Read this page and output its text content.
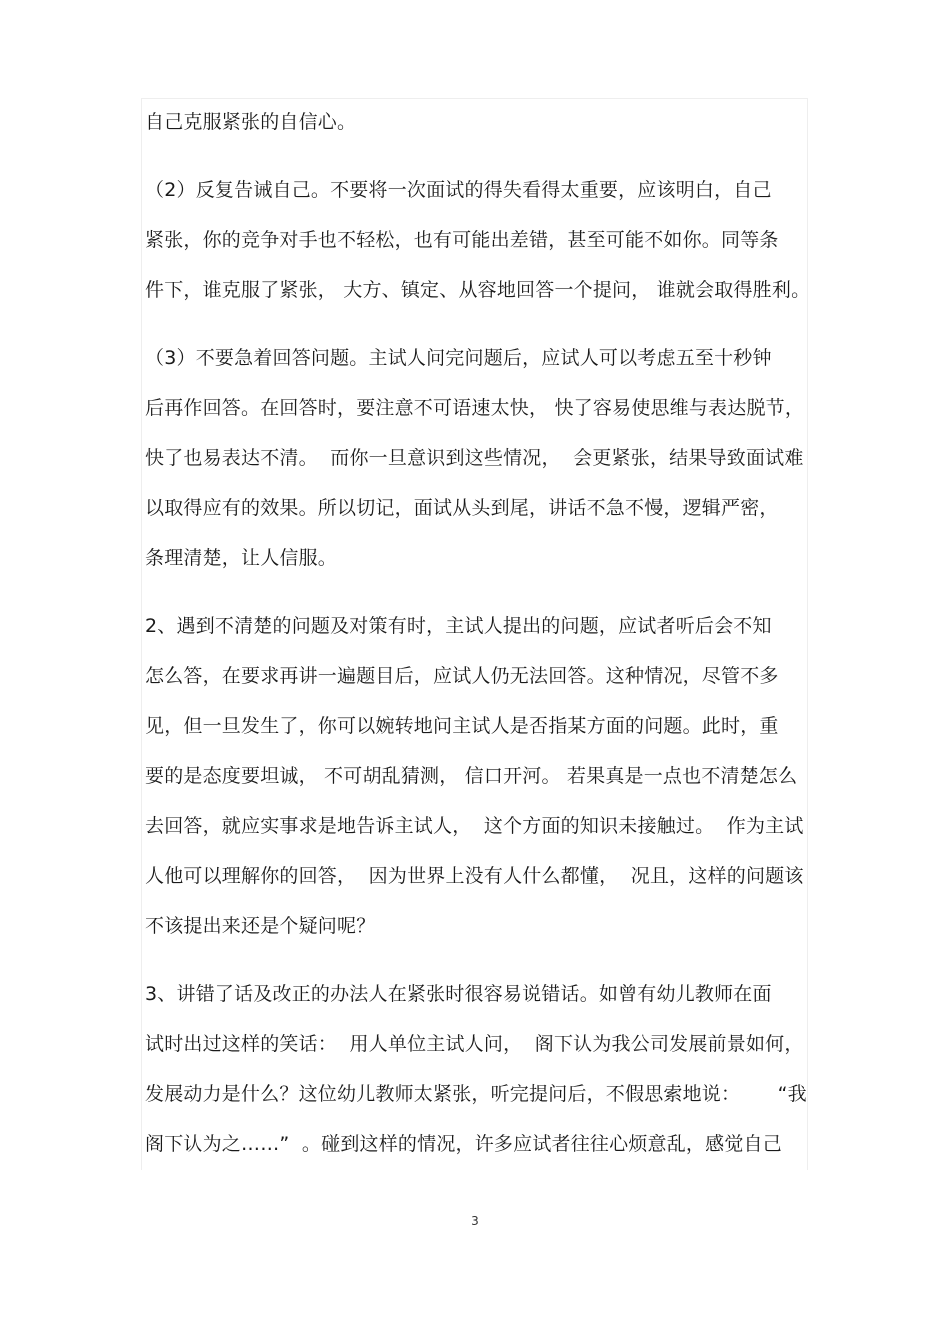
自己克服紧张的自信心。
（2）反复告诫自己。不要将一次面试的得失看得太重要，应该明白，自己
紧张，你的竞争对手也不轻松，也有可能出差错，甚至可能不如你。同等条
件下，谁克服了紧张， 大方、镇定、从容地回答一个提问， 谁就会取得胜利。
（3）不要急着回答问题。主试人问完问题后，应试人可以考虑五至十秒钟
后再作回答。在回答时，要注意不可语速太快， 快了容易使思维与表达脱节，
快了也易表达不清。  而你一旦意识到这些情况，  会更紧张，结果导致面试难
以取得应有的效果。所以切记，面试从头到尾，讲话不急不慢，逻辑严密，
条理清楚，让人信服。
2、遇到不清楚的问题及对策有时，主试人提出的问题，应试者听后会不知
怎么答，在要求再讲一遍题目后，应试人仍无法回答。这种情况，尽管不多
见，但一旦发生了，你可以婉转地问主试人是否指某方面的问题。此时，重
要的是态度要坦诚， 不可胡乱猜测， 信口开河。 若果真是一点也不清楚怎么
去回答，就应实事求是地告诉主试人，  这个方面的知识未接触过。  作为主试
人他可以理解你的回答，  因为世界上没有人什么都懂，  况且，这样的问题该
不该提出来还是个疑问呢？
3、讲错了话及改正的办法人在紧张时很容易说错话。如曾有幼儿教师在面
试时出过这样的笑话：  用人单位主试人问，  阁下认为我公司发展前景如何，
发展动力是什么？这位幼儿教师太紧张，听完提问后，不假思索地说：      “我
阁下认为之……”  。碰到这样的情况，许多应试者往往心烦意乱，感觉自己
3
